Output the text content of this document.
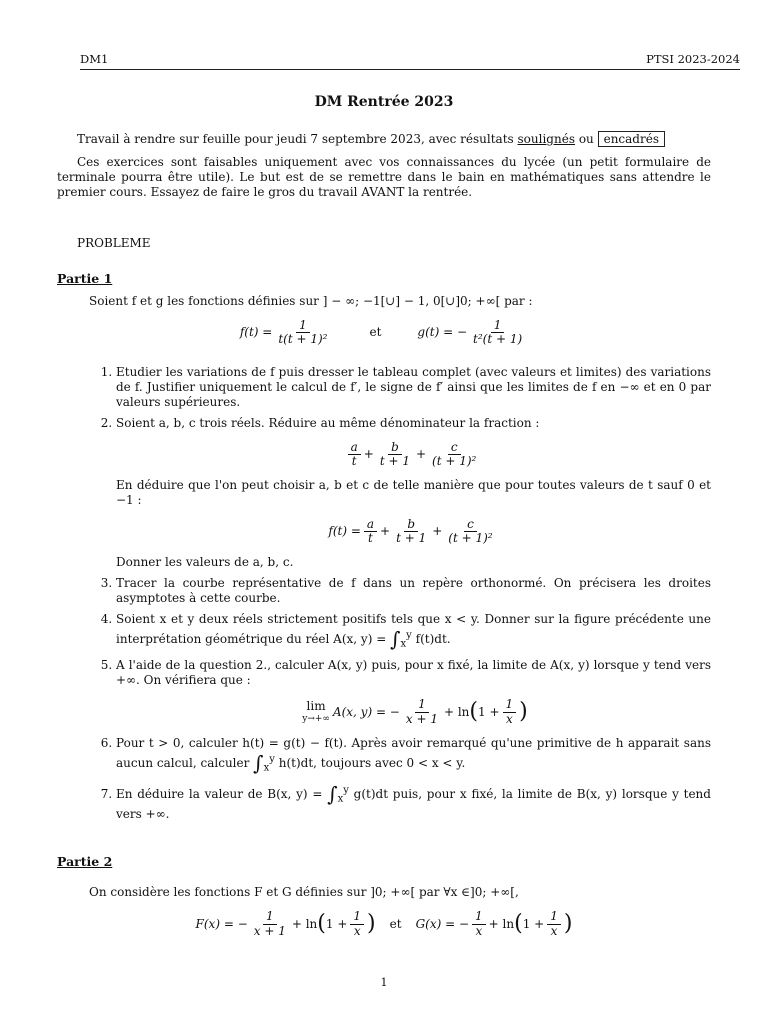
DM1	PTSI 2023-2024
DM Rentrée 2023

Travail à rendre sur feuille pour jeudi 7 septembre 2023, avec résultats soulignés ou encadrés

Ces exercices sont faisables uniquement avec vos connaissances du lycée (un petit formulaire de terminale pourra être utile). Le but est de se remettre dans le bain en mathématiques sans attendre le premier cours. Essayez de faire le gros du travail AVANT la rentrée.

PROBLEME
Partie 1
Soient f et g les fonctions définies sur ] − ∞; −1[∪] − 1, 0[∪]0; +∞[ par :
$f(t) = \frac{1}{\text{t(t + 1)²}}$	et	g(t) = − $\frac{1}{\text{t²(t + 1)}}$
1. Etudier les variations de f puis dresser le tableau complet (avec valeurs et limites) des variations de f. Justifier uniquement le calcul de f′, le signe de f′ ainsi que les limites de f en −∞ et en 0 par valeurs supérieures.
2. Soient a, b, c trois réels. Réduire au même dénominateur la fraction :
$\frac{a}{t} + \frac{b}{t + 1} + \frac{c}{\text{(t + 1)²}}$
En déduire que l'on peut choisir a, b et c de telle manière que pour toutes valeurs de t sauf 0 et −1 :
$f(t) = \frac{a}{t} + \frac{b}{t + 1} + \frac{c}{\text{(t + 1)²}}$
Donner les valeurs de a, b, c.
3. Tracer la courbe représentative de f dans un repère orthonormé. On précisera les droites asymptotes à cette courbe.
4. Soient x et y deux réels strictement positifs tels que x < y. Donner sur la figure précédente une interprétation géométrique du réel A(x, $y) = \int_x^y$ f(t)dt.
5. A l'aide de la question 2., calculer A(x, y) puis, pour x fixé, la limite de A(x, y) lorsque y tend vers +∞. On vérifiera que :
lim
y→+∞
A(x, y) = − $\frac{1}{x + 1} + \ln$ ( $1 + \frac{1}{x}$ )
6. Pour t > 0, calculer h(t) = g(t) − f(t). Après avoir remarqué qu'une primitive de h apparait sans aucun calcul, calculer $\int_x^y$ h(t)dt, toujours avec 0 < x < y.
7. En déduire la valeur de B(x, $y) = \int_x^y$ g(t)dt puis, pour x fixé, la limite de B(x, y) lorsque y tend vers +∞.
Partie 2
On considère les fonctions F et G définies sur ]0; +∞[ par ∀x ∈]0; +∞[,
F(x) = − $\frac{1}{x + 1} + \ln$ ( $1 + \frac{1}{x}$ ) et G(x) = − $\frac{1}{x} + \ln$ ( $1 + \frac{1}{x}$ )
1
